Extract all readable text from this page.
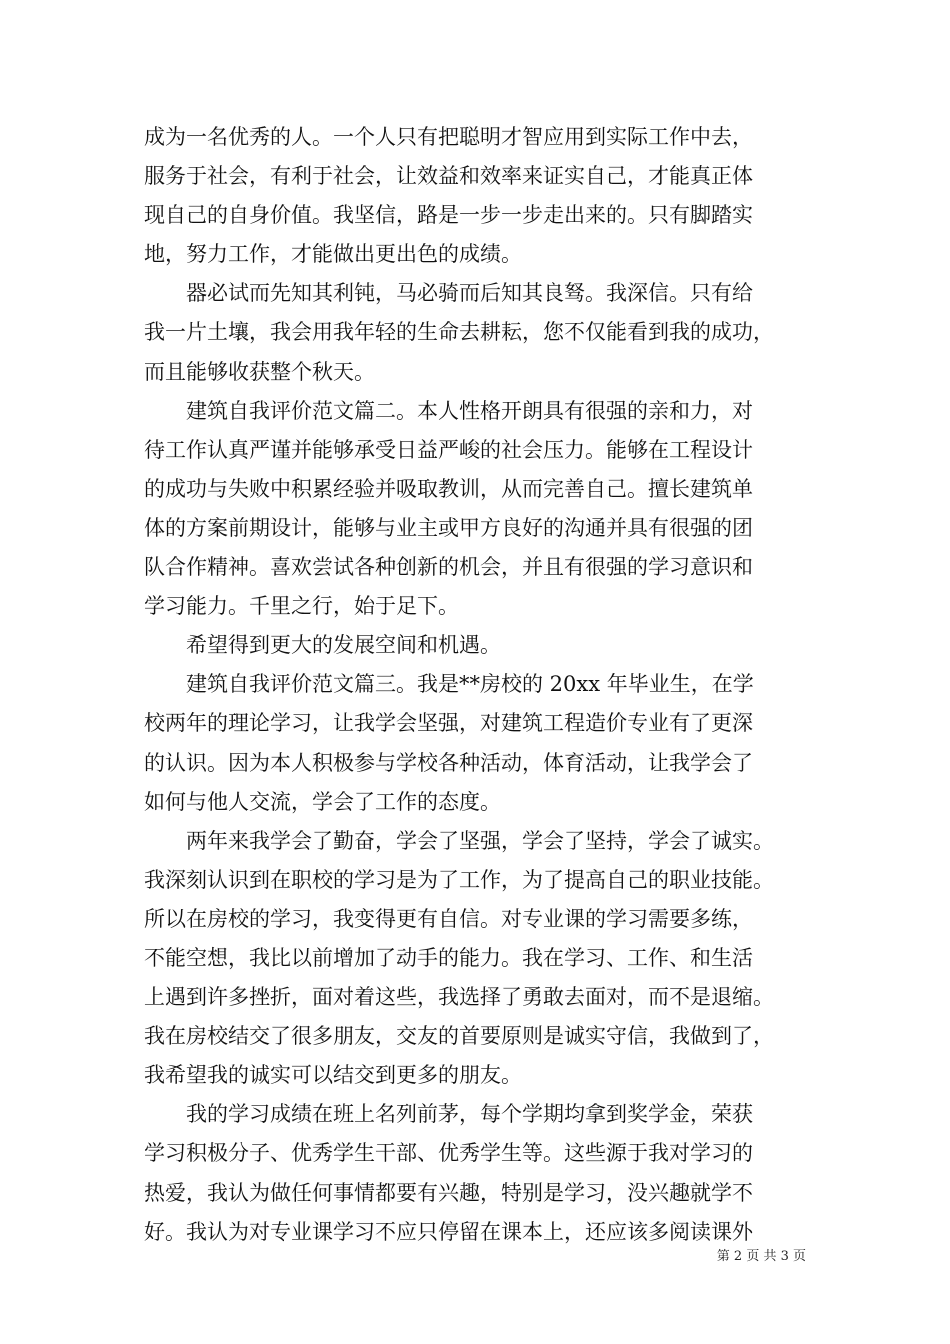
成为一名优秀的人。一个人只有把聪明才智应用到实际工作中去，
服务于社会，有利于社会，让效益和效率来证实自己，才能真正体
现自己的自身价值。我坚信，路是一步一步走出来的。只有脚踏实
地，努力工作，才能做出更出色的成绩。
器必试而先知其利钝，马必骑而后知其良驽。我深信。只有给
我一片土壤，我会用我年轻的生命去耕耘，您不仅能看到我的成功，
而且能够收获整个秋天。
建筑自我评价范文篇二。本人性格开朗具有很强的亲和力，对
待工作认真严谨并能够承受日益严峻的社会压力。能够在工程设计
的成功与失败中积累经验并吸取教训，从而完善自己。擅长建筑单
体的方案前期设计，能够与业主或甲方良好的沟通并具有很强的团
队合作精神。喜欢尝试各种创新的机会，并且有很强的学习意识和
学习能力。千里之行，始于足下。
希望得到更大的发展空间和机遇。
建筑自我评价范文篇三。我是**房校的 20xx 年毕业生，在学
校两年的理论学习，让我学会坚强，对建筑工程造价专业有了更深
的认识。因为本人积极参与学校各种活动，体育活动，让我学会了
如何与他人交流，学会了工作的态度。
两年来我学会了勤奋，学会了坚强，学会了坚持，学会了诚实。
我深刻认识到在职校的学习是为了工作，为了提高自己的职业技能。
所以在房校的学习，我变得更有自信。对专业课的学习需要多练，
不能空想，我比以前增加了动手的能力。我在学习、工作、和生活
上遇到许多挫折，面对着这些，我选择了勇敢去面对，而不是退缩。
我在房校结交了很多朋友，交友的首要原则是诚实守信，我做到了，
我希望我的诚实可以结交到更多的朋友。
我的学习成绩在班上名列前茅，每个学期均拿到奖学金，荣获
学习积极分子、优秀学生干部、优秀学生等。这些源于我对学习的
热爱，我认为做任何事情都要有兴趣，特别是学习，没兴趣就学不
好。我认为对专业课学习不应只停留在课本上，还应该多阅读课外
第 2 页 共 3 页
